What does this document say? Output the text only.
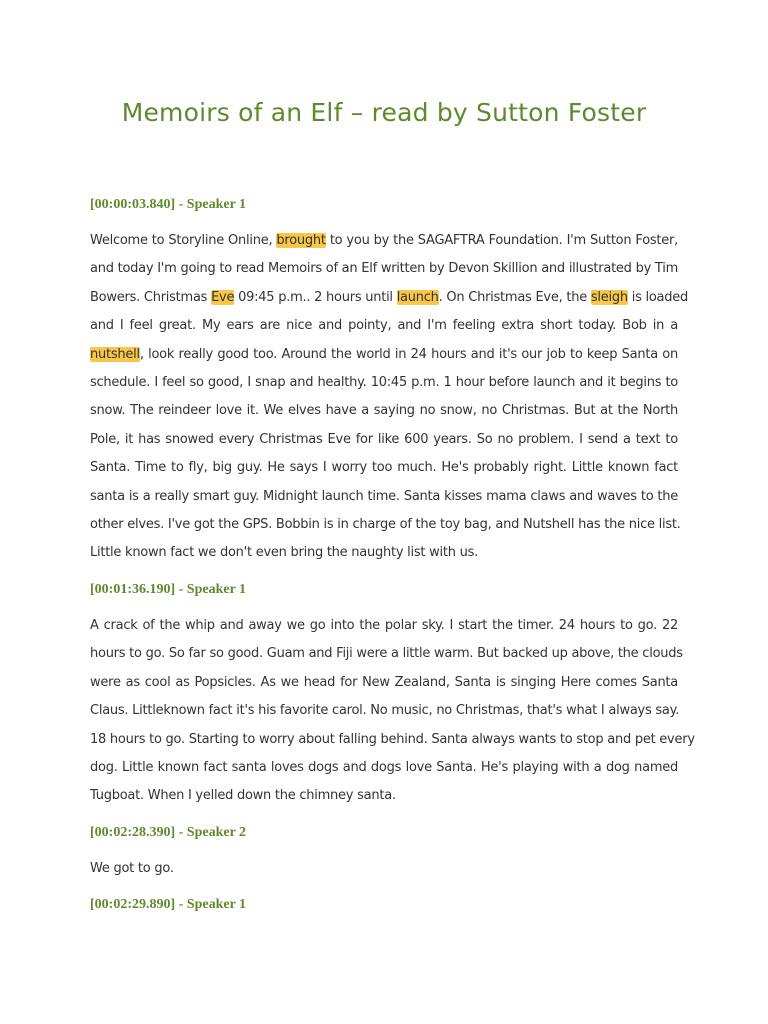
Memoirs of an Elf – read by Sutton Foster
[00:00:03.840] - Speaker 1
Welcome to Storyline Online, brought to you by the SAGAFTRA Foundation. I'm Sutton Foster,
and today I'm going to read Memoirs of an Elf written by Devon Skillion and illustrated by Tim
Bowers. Christmas Eve 09:45 p.m.. 2 hours until launch. On Christmas Eve, the sleigh is loaded
and I feel great. My ears are nice and pointy, and I'm feeling extra short today. Bob in a
nutshell, look really good too. Around the world in 24 hours and it's our job to keep Santa on
schedule. I feel so good, I snap and healthy. 10:45 p.m. 1 hour before launch and it begins to
snow. The reindeer love it. We elves have a saying no snow, no Christmas. But at the North
Pole, it has snowed every Christmas Eve for like 600 years. So no problem. I send a text to
Santa. Time to fly, big guy. He says I worry too much. He's probably right. Little known fact
santa is a really smart guy. Midnight launch time. Santa kisses mama claws and waves to the
other elves. I've got the GPS. Bobbin is in charge of the toy bag, and Nutshell has the nice list.
Little known fact we don't even bring the naughty list with us.
[00:01:36.190] - Speaker 1
A crack of the whip and away we go into the polar sky. I start the timer. 24 hours to go. 22
hours to go. So far so good. Guam and Fiji were a little warm. But backed up above, the clouds
were as cool as Popsicles. As we head for New Zealand, Santa is singing Here comes Santa
Claus. Littleknown fact it's his favorite carol. No music, no Christmas, that's what I always say.
18 hours to go. Starting to worry about falling behind. Santa always wants to stop and pet every
dog. Little known fact santa loves dogs and dogs love Santa. He's playing with a dog named
Tugboat. When I yelled down the chimney santa.
[00:02:28.390] - Speaker 2
We got to go.
[00:02:29.890] - Speaker 1
